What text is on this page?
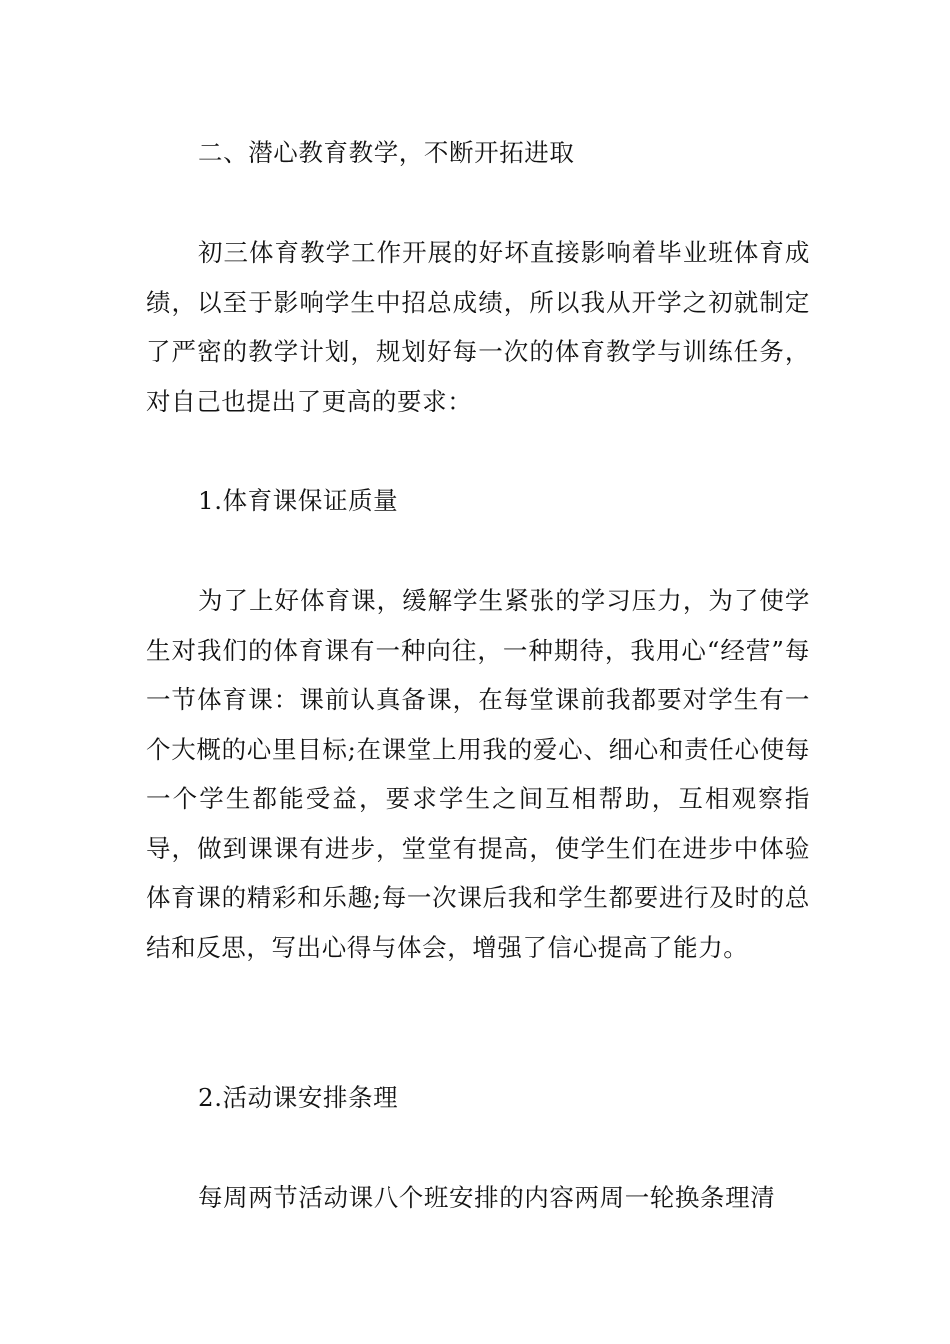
二、潜心教育教学，不断开拓进取

初三体育教学工作开展的好坏直接影响着毕业班体育成绩，以至于影响学生中招总成绩，所以我从开学之初就制定了严密的教学计划，规划好每一次的体育教学与训练任务，对自己也提出了更高的要求：

1.体育课保证质量

为了上好体育课，缓解学生紧张的学习压力，为了使学生对我们的体育课有一种向往，一种期待，我用心“经营”每一节体育课：课前认真备课，在每堂课前我都要对学生有一个大概的心里目标;在课堂上用我的爱心、细心和责任心使每一个学生都能受益，要求学生之间互相帮助，互相观察指导，做到课课有进步，堂堂有提高，使学生们在进步中体验体育课的精彩和乐趣;每一次课后我和学生都要进行及时的总结和反思，写出心得与体会，增强了信心提高了能力。

2.活动课安排条理

每周两节活动课八个班安排的内容两周一轮换条理清
